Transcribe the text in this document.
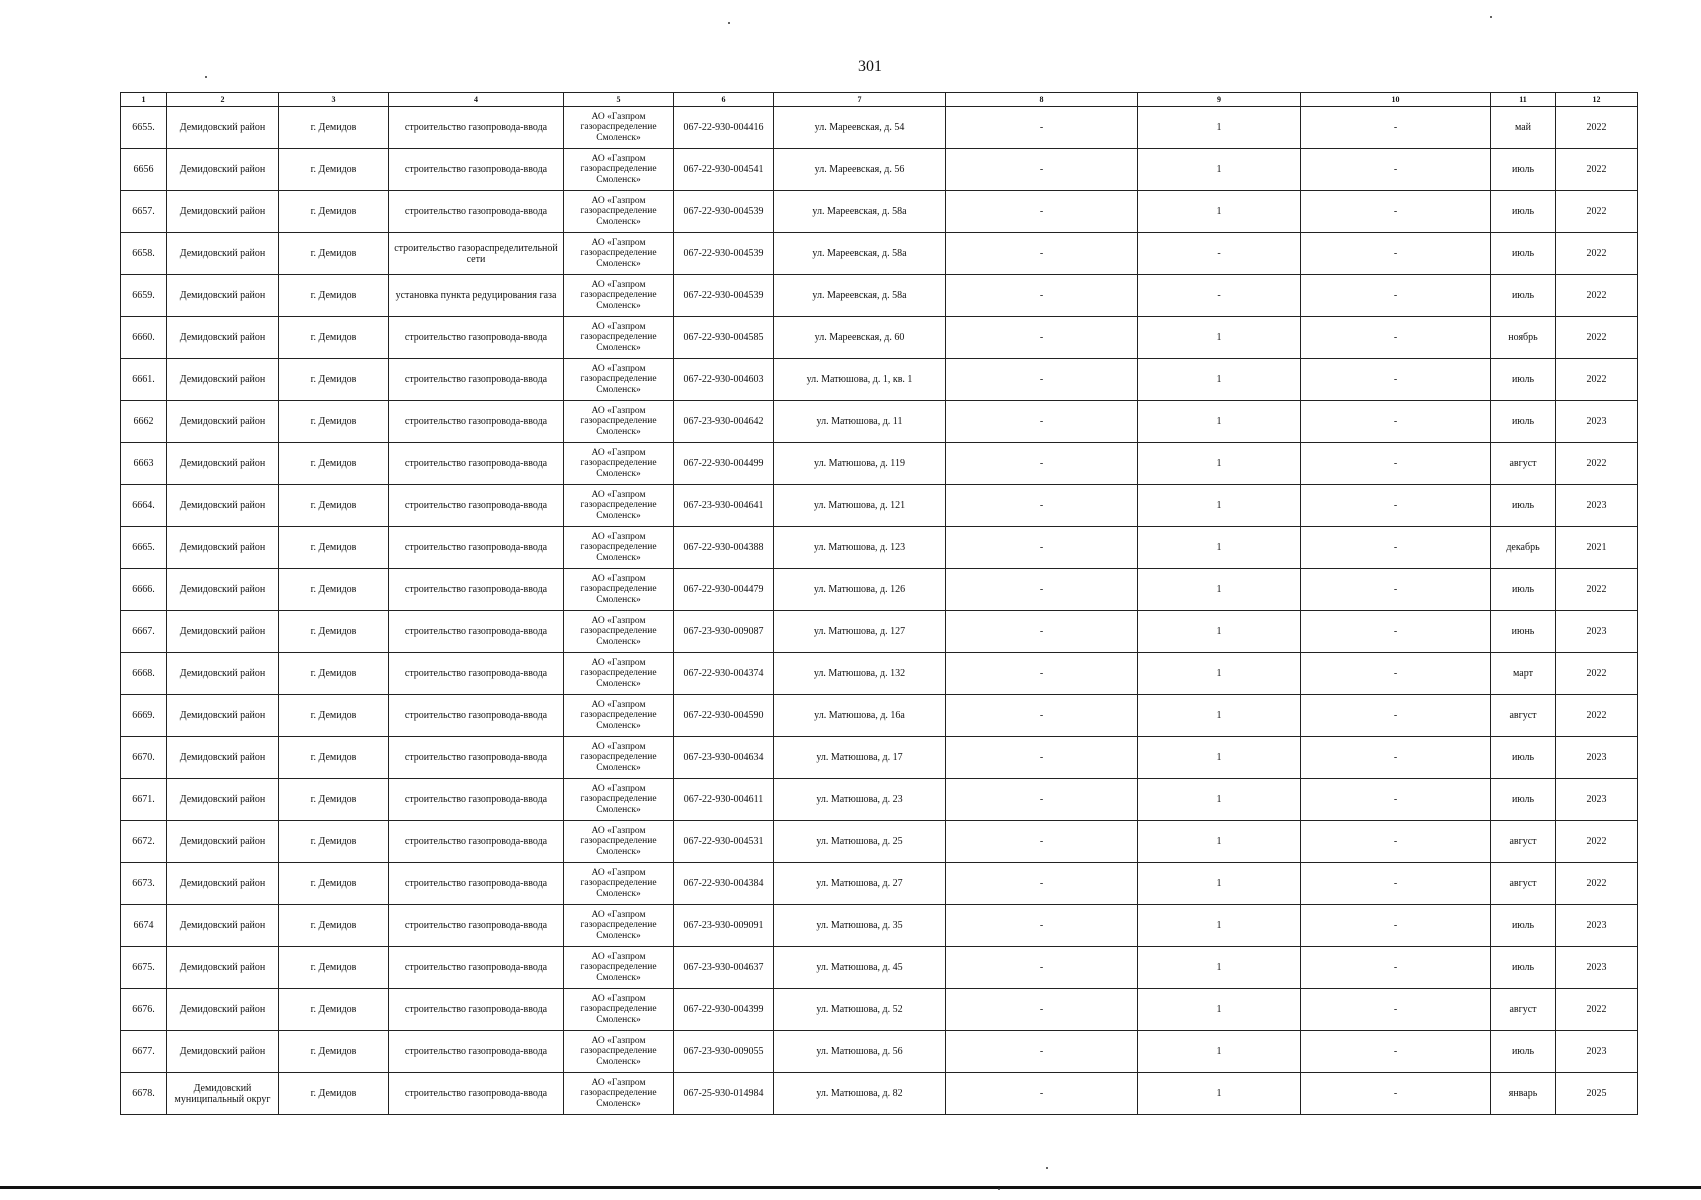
301
1	2	3	4	5	6	7	8	9	10	11	12
6655.	Демидовский район	г. Демидов	строительство газопровода-ввода	АО «Газпром газораспределение Смоленск»	067-22-930-004416	ул. Мареевская, д. 54	-	1	-	май	2022
6656	Демидовский район	г. Демидов	строительство газопровода-ввода	АО «Газпром газораспределение Смоленск»	067-22-930-004541	ул. Мареевская, д. 56	-	1	-	июль	2022
6657.	Демидовский район	г. Демидов	строительство газопровода-ввода	АО «Газпром газораспределение Смоленск»	067-22-930-004539	ул. Мареевская, д. 58а	-	1	-	июль	2022
6658.	Демидовский район	г. Демидов	строительство газораспределительной сети	АО «Газпром газораспределение Смоленск»	067-22-930-004539	ул. Мареевская, д. 58а	-	-	-	июль	2022
6659.	Демидовский район	г. Демидов	установка пункта редуцирования газа	АО «Газпром газораспределение Смоленск»	067-22-930-004539	ул. Мареевская, д. 58а	-	-	-	июль	2022
6660.	Демидовский район	г. Демидов	строительство газопровода-ввода	АО «Газпром газораспределение Смоленск»	067-22-930-004585	ул. Мареевская, д. 60	-	1	-	ноябрь	2022
6661.	Демидовский район	г. Демидов	строительство газопровода-ввода	АО «Газпром газораспределение Смоленск»	067-22-930-004603	ул. Матюшова, д. 1, кв. 1	-	1	-	июль	2022
6662	Демидовский район	г. Демидов	строительство газопровода-ввода	АО «Газпром газораспределение Смоленск»	067-23-930-004642	ул. Матюшова, д. 11	-	1	-	июль	2023
6663	Демидовский район	г. Демидов	строительство газопровода-ввода	АО «Газпром газораспределение Смоленск»	067-22-930-004499	ул. Матюшова, д. 119	-	1	-	август	2022
6664.	Демидовский район	г. Демидов	строительство газопровода-ввода	АО «Газпром газораспределение Смоленск»	067-23-930-004641	ул. Матюшова, д. 121	-	1	-	июль	2023
6665.	Демидовский район	г. Демидов	строительство газопровода-ввода	АО «Газпром газораспределение Смоленск»	067-22-930-004388	ул. Матюшова, д. 123	-	1	-	декабрь	2021
6666.	Демидовский район	г. Демидов	строительство газопровода-ввода	АО «Газпром газораспределение Смоленск»	067-22-930-004479	ул. Матюшова, д. 126	-	1	-	июль	2022
6667.	Демидовский район	г. Демидов	строительство газопровода-ввода	АО «Газпром газораспределение Смоленск»	067-23-930-009087	ул. Матюшова, д. 127	-	1	-	июнь	2023
6668.	Демидовский район	г. Демидов	строительство газопровода-ввода	АО «Газпром газораспределение Смоленск»	067-22-930-004374	ул. Матюшова, д. 132	-	1	-	март	2022
6669.	Демидовский район	г. Демидов	строительство газопровода-ввода	АО «Газпром газораспределение Смоленск»	067-22-930-004590	ул. Матюшова, д. 16а	-	1	-	август	2022
6670.	Демидовский район	г. Демидов	строительство газопровода-ввода	АО «Газпром газораспределение Смоленск»	067-23-930-004634	ул. Матюшова, д. 17	-	1	-	июль	2023
6671.	Демидовский район	г. Демидов	строительство газопровода-ввода	АО «Газпром газораспределение Смоленск»	067-22-930-004611	ул. Матюшова, д. 23	-	1	-	июль	2023
6672.	Демидовский район	г. Демидов	строительство газопровода-ввода	АО «Газпром газораспределение Смоленск»	067-22-930-004531	ул. Матюшова, д. 25	-	1	-	август	2022
6673.	Демидовский район	г. Демидов	строительство газопровода-ввода	АО «Газпром газораспределение Смоленск»	067-22-930-004384	ул. Матюшова, д. 27	-	1	-	август	2022
6674	Демидовский район	г. Демидов	строительство газопровода-ввода	АО «Газпром газораспределение Смоленск»	067-23-930-009091	ул. Матюшова, д. 35	-	1	-	июль	2023
6675.	Демидовский район	г. Демидов	строительство газопровода-ввода	АО «Газпром газораспределение Смоленск»	067-23-930-004637	ул. Матюшова, д. 45	-	1	-	июль	2023
6676.	Демидовский район	г. Демидов	строительство газопровода-ввода	АО «Газпром газораспределение Смоленск»	067-22-930-004399	ул. Матюшова, д. 52	-	1	-	август	2022
6677.	Демидовский район	г. Демидов	строительство газопровода-ввода	АО «Газпром газораспределение Смоленск»	067-23-930-009055	ул. Матюшова, д. 56	-	1	-	июль	2023
6678.	Демидовский муниципальный округ	г. Демидов	строительство газопровода-ввода	АО «Газпром газораспределение Смоленск»	067-25-930-014984	ул. Матюшова, д. 82	-	1	-	январь	2025
